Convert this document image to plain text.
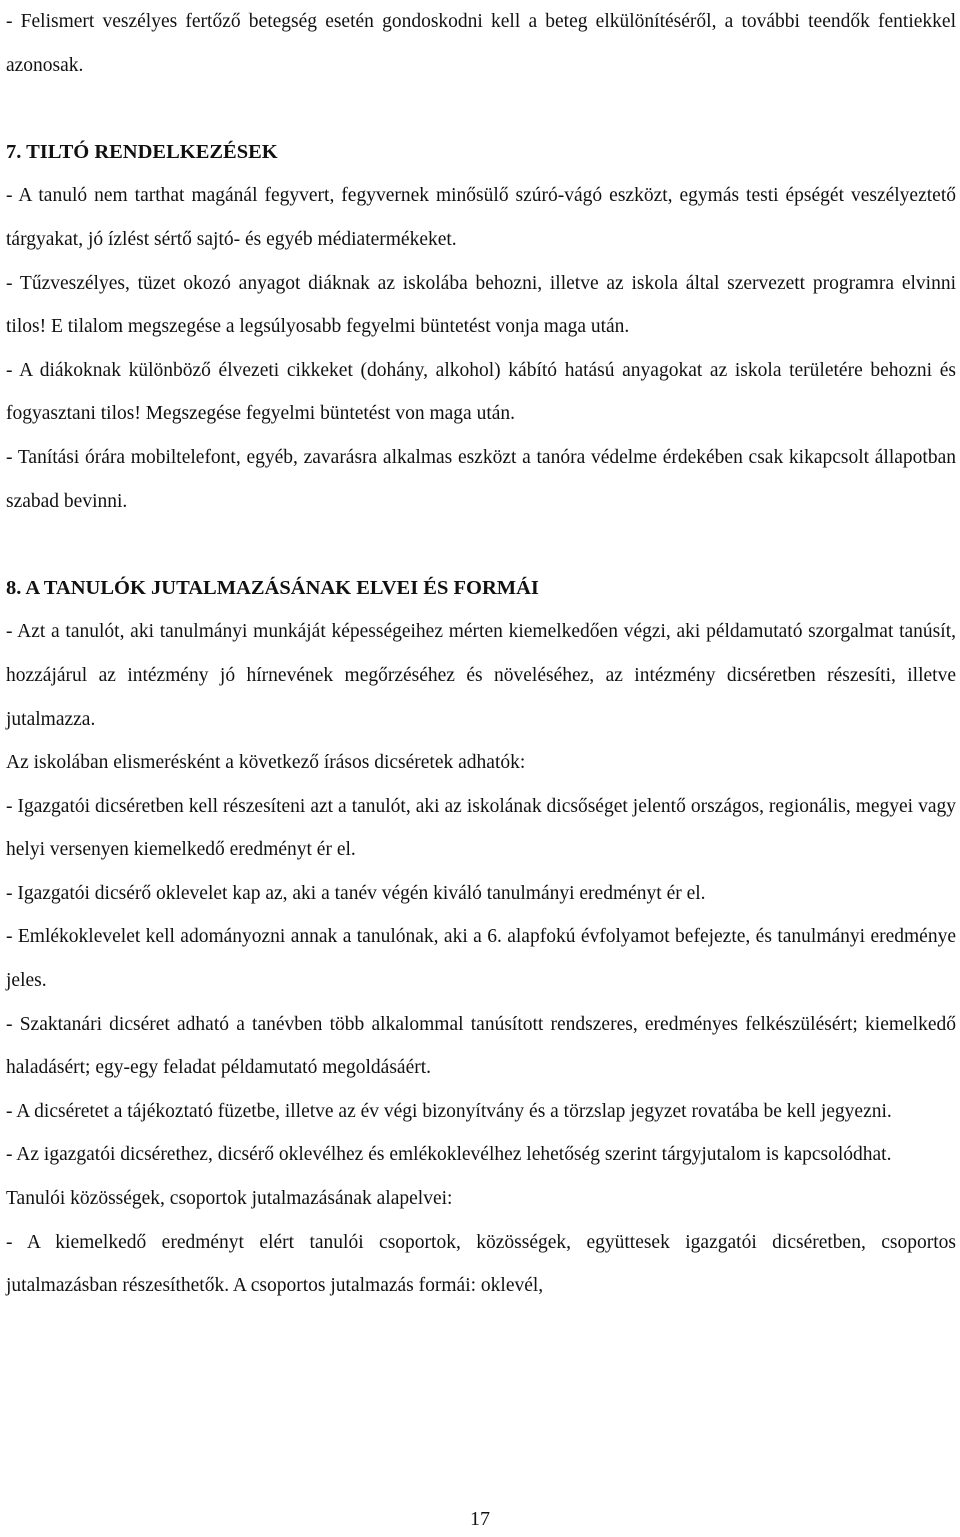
- Felismert veszélyes fertőző betegség esetén gondoskodni kell a beteg elkülönítéséről, a további teendők fentiekkel azonosak.

7. TILTÓ RENDELKEZÉSEK

- A tanuló nem tarthat magánál fegyvert, fegyvernek minősülő szúró-vágó eszközt, egymás testi épségét veszélyeztető tárgyakat, jó ízlést sértő sajtó- és egyéb médiatermékeket.

- Tűzveszélyes, tüzet okozó anyagot diáknak az iskolába behozni, illetve az iskola által szervezett programra elvinni tilos! E tilalom megszegése a legsúlyosabb fegyelmi büntetést vonja maga után.

- A diákoknak különböző élvezeti cikkeket (dohány, alkohol) kábító hatású anyagokat az iskola területére behozni és fogyasztani tilos! Megszegése fegyelmi büntetést von maga után.

- Tanítási órára mobiltelefont, egyéb, zavarásra alkalmas eszközt a tanóra védelme érdekében csak kikapcsolt állapotban szabad bevinni.

8. A TANULÓK JUTALMAZÁSÁNAK ELVEI ÉS FORMÁI

- Azt a tanulót, aki tanulmányi munkáját képességeihez mérten kiemelkedően végzi, aki példamutató szorgalmat tanúsít, hozzájárul az intézmény jó hírnevének megőrzéséhez és növeléséhez, az intézmény dicséretben részesíti, illetve jutalmazza.

Az iskolában elismerésként a következő írásos dicséretek adhatók:

- Igazgatói dicséretben kell részesíteni azt a tanulót, aki az iskolának dicsőséget jelentő országos, regionális, megyei vagy helyi versenyen kiemelkedő eredményt ér el.

- Igazgatói dicsérő oklevelet kap az, aki a tanév végén kiváló tanulmányi eredményt ér el.

- Emlékoklevelet kell adományozni annak a tanulónak, aki a 6. alapfokú évfolyamot befejezte, és tanulmányi eredménye jeles.

- Szaktanári dicséret adható a tanévben több alkalommal tanúsított rendszeres, eredményes felkészülésért; kiemelkedő haladásért; egy-egy feladat példamutató megoldásáért.

- A dicséretet a tájékoztató füzetbe, illetve az év végi bizonyítvány és a törzslap jegyzet rovatába be kell jegyezni.

- Az igazgatói dicsérethez, dicsérő oklevélhez és emlékoklevélhez lehetőség szerint tárgyjutalom is kapcsolódhat.

Tanulói közösségek, csoportok jutalmazásának alapelvei:

- A kiemelkedő eredményt elért tanulói csoportok, közösségek, együttesek igazgatói dicséretben, csoportos jutalmazásban részesíthetők. A csoportos jutalmazás formái: oklevél,

17
